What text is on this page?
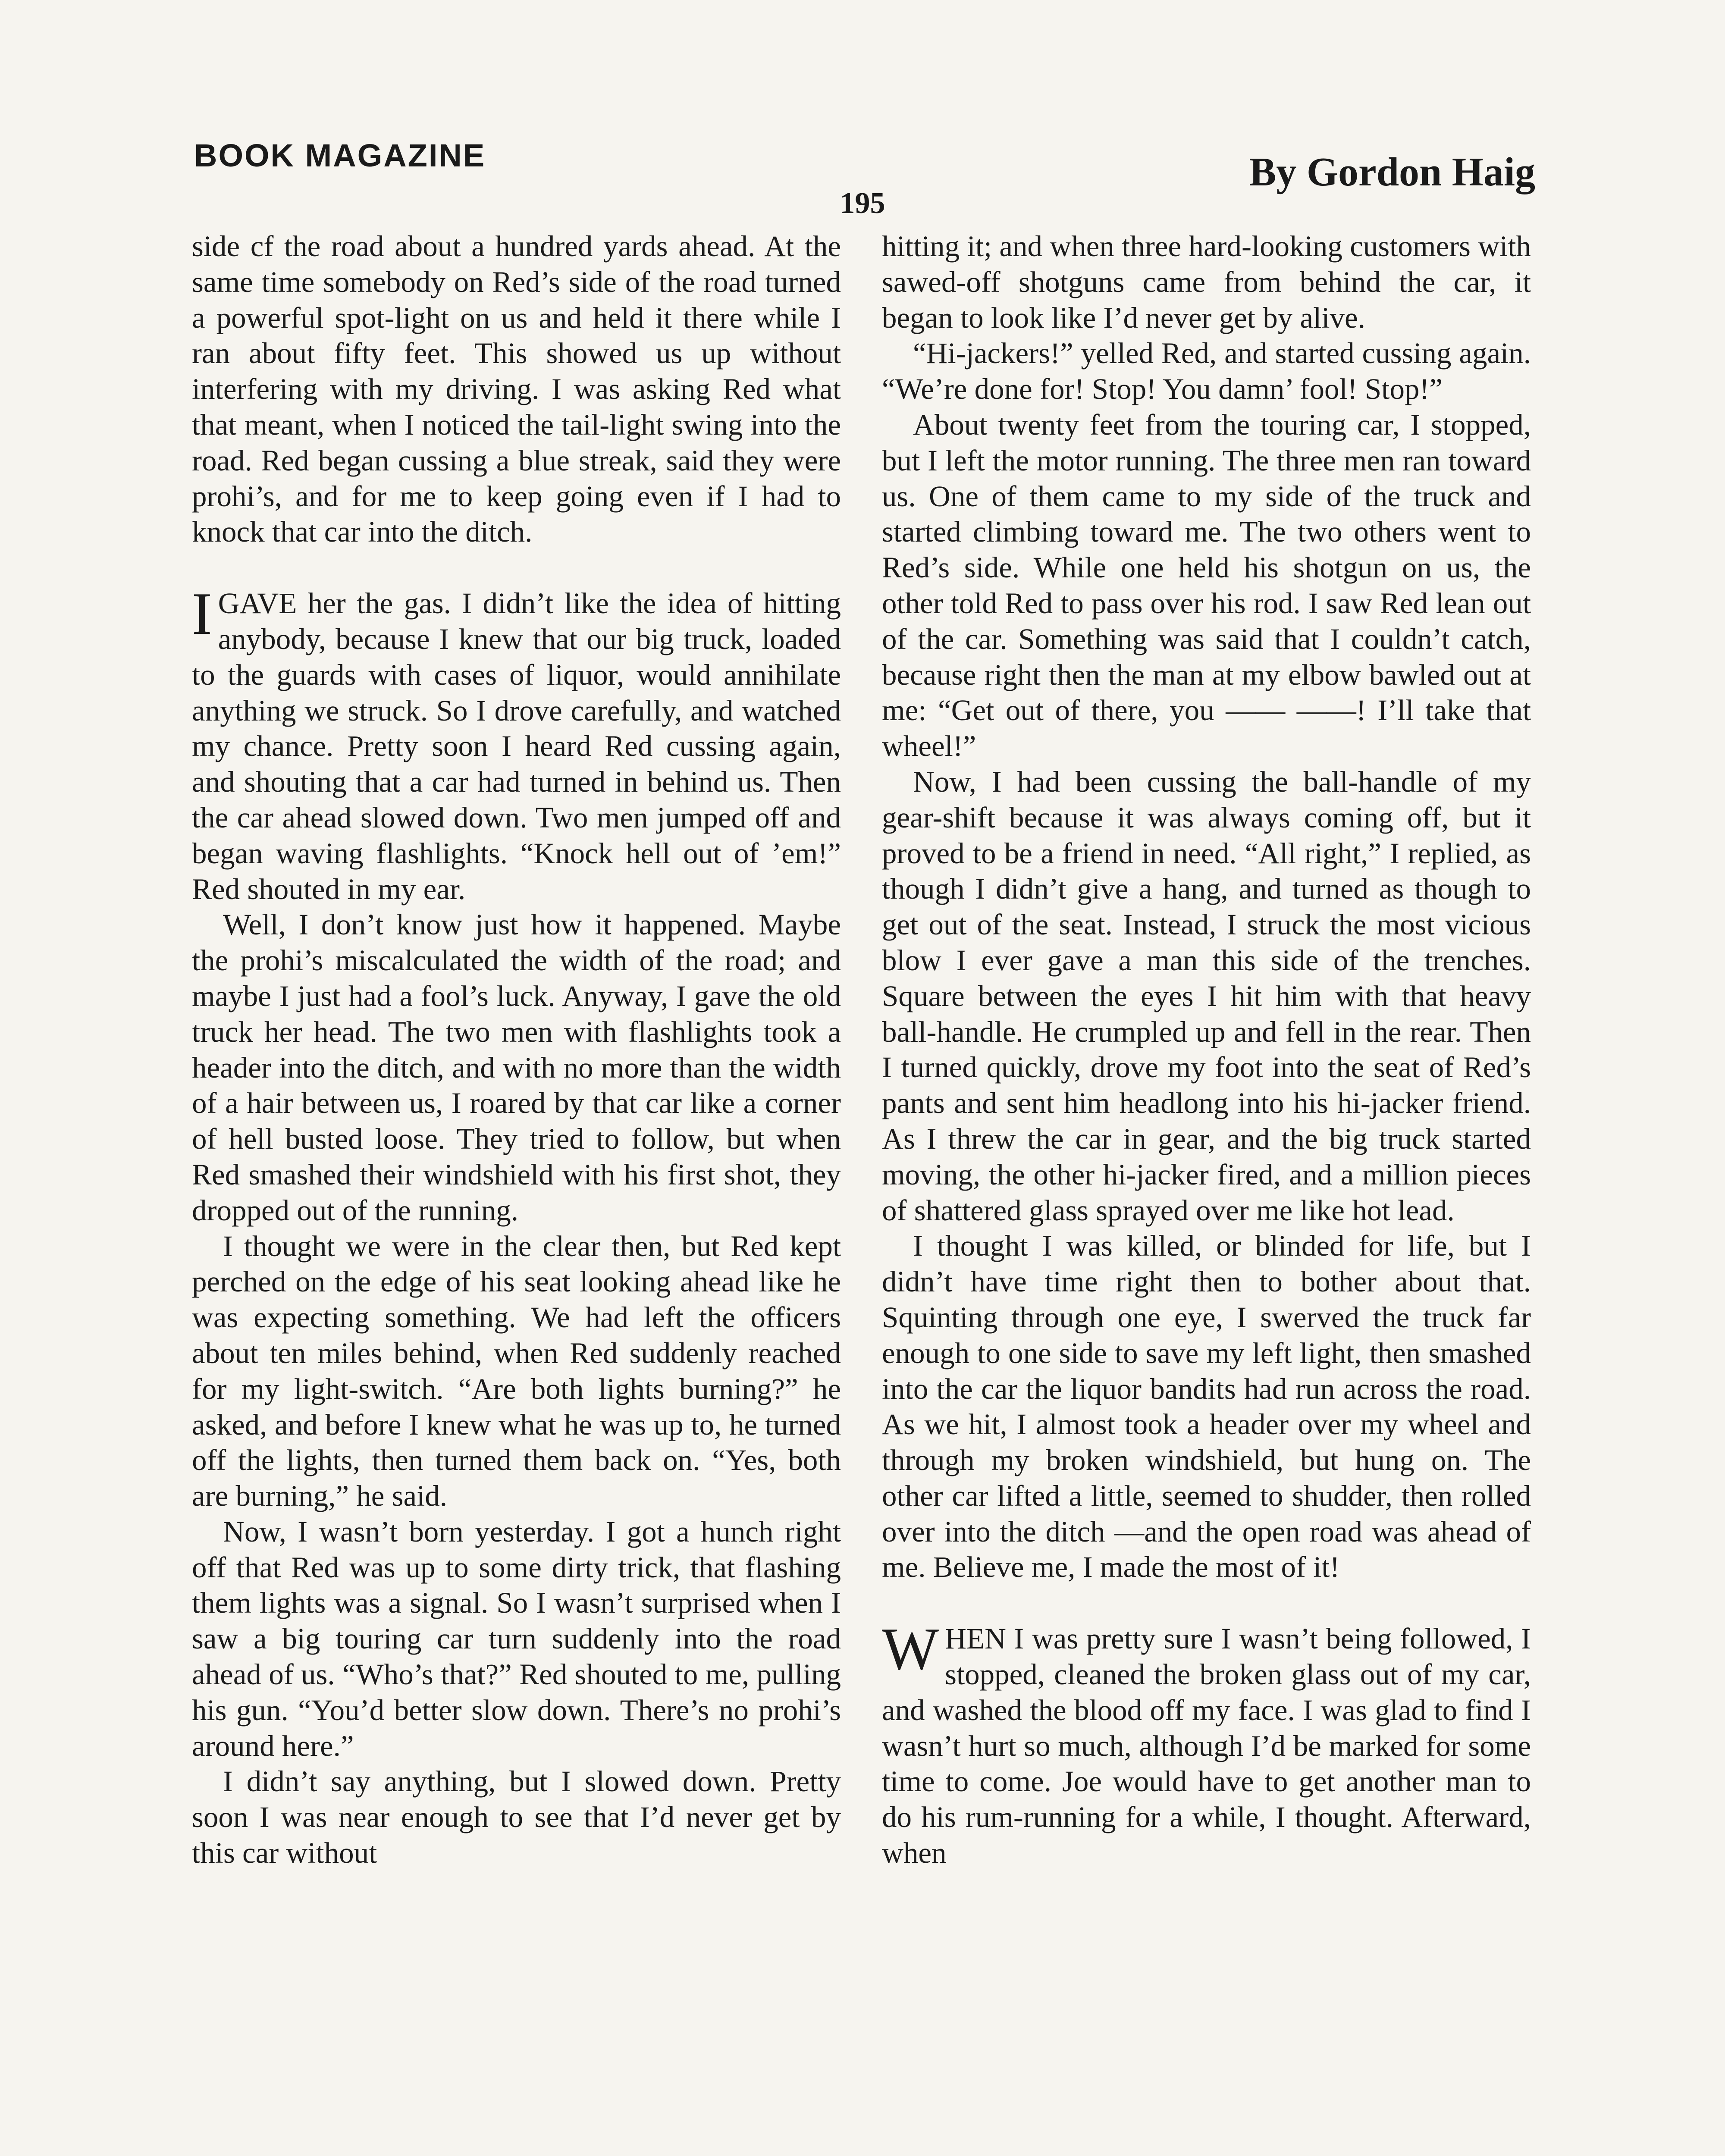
BOOK MAGAZINE	By Gordon Haig
195

side cf the road about a hundred yards ahead. At the same time somebody on Red’s side of the road turned a powerful spot-light on us and held it there while I ran about fifty feet. This showed us up without interfering with my driving. I was asking Red what that meant, when I noticed the tail-light swing into the road. Red began cussing a blue streak, said they were prohi’s, and for me to keep going even if I had to knock that car into the ditch.

IGAVE her the gas. I didn’t like the idea of hitting anybody, because I knew that our big truck, loaded to the guards with cases of liquor, would annihilate anything we struck. So I drove carefully, and watched my chance. Pretty soon I heard Red cussing again, and shouting that a car had turned in behind us. Then the car ahead slowed down. Two men jumped off and began waving flashlights. “Knock hell out of ’em!” Red shouted in my ear.

Well, I don’t know just how it happened. Maybe the prohi’s miscalculated the width of the road; and maybe I just had a fool’s luck. Anyway, I gave the old truck her head. The two men with flashlights took a header into the ditch, and with no more than the width of a hair between us, I roared by that car like a corner of hell busted loose. They tried to follow, but when Red smashed their windshield with his first shot, they dropped out of the running.

I thought we were in the clear then, but Red kept perched on the edge of his seat looking ahead like he was expecting something. We had left the officers about ten miles behind, when Red suddenly reached for my light-switch. “Are both lights burning?” he asked, and before I knew what he was up to, he turned off the lights, then turned them back on. “Yes, both are burning,” he said.

Now, I wasn’t born yesterday. I got a hunch right off that Red was up to some dirty trick, that flashing them lights was a signal. So I wasn’t surprised when I saw a big touring car turn suddenly into the road ahead of us. “Who’s that?” Red shouted to me, pulling his gun. “You’d better slow down. There’s no prohi’s around here.”

I didn’t say anything, but I slowed down. Pretty soon I was near enough to see that I’d never get by this car without

hitting it; and when three hard-looking customers with sawed-off shotguns came from behind the car, it began to look like I’d never get by alive.

“Hi-jackers!” yelled Red, and started cussing again. “We’re done for! Stop! You damn’ fool! Stop!”

About twenty feet from the touring car, I stopped, but I left the motor running. The three men ran toward us. One of them came to my side of the truck and started climbing toward me. The two others went to Red’s side. While one held his shotgun on us, the other told Red to pass over his rod. I saw Red lean out of the car. Something was said that I couldn’t catch, because right then the man at my elbow bawled out at me: “Get out of there, you —— ——! I’ll take that wheel!”

Now, I had been cussing the ball-handle of my gear-shift because it was always coming off, but it proved to be a friend in need. “All right,” I replied, as though I didn’t give a hang, and turned as though to get out of the seat. Instead, I struck the most vicious blow I ever gave a man this side of the trenches. Square between the eyes I hit him with that heavy ball-handle. He crumpled up and fell in the rear. Then I turned quickly, drove my foot into the seat of Red’s pants and sent him headlong into his hi-jacker friend. As I threw the car in gear, and the big truck started moving, the other hi-jacker fired, and a million pieces of shattered glass sprayed over me like hot lead.

I thought I was killed, or blinded for life, but I didn’t have time right then to bother about that. Squinting through one eye, I swerved the truck far enough to one side to save my left light, then smashed into the car the liquor bandits had run across the road. As we hit, I almost took a header over my wheel and through my broken windshield, but hung on. The other car lifted a little, seemed to shudder, then rolled over into the ditch —and the open road was ahead of me. Believe me, I made the most of it!

WHEN I was pretty sure I wasn’t being followed, I stopped, cleaned the broken glass out of my car, and washed the blood off my face. I was glad to find I wasn’t hurt so much, although I’d be marked for some time to come. Joe would have to get another man to do his rum-running for a while, I thought. Afterward, when
